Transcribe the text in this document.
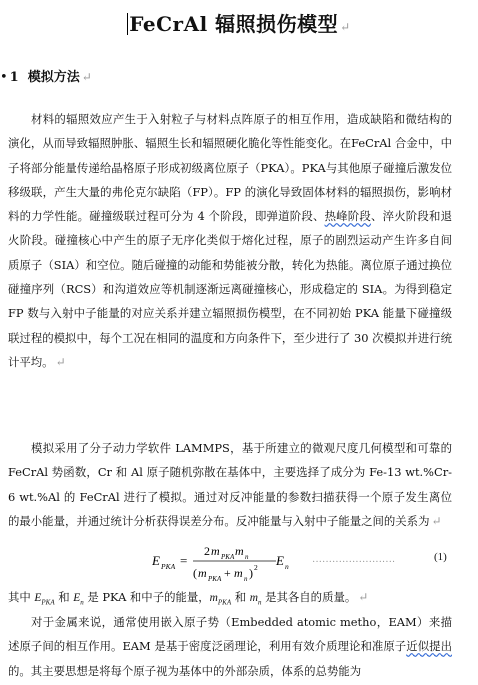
FeCrAl 辐照损伤模型 ↵
• 1 模拟方法 ↵
材料的辐照效应产生于入射粒子与材料点阵原子的相互作用，造成缺陷和微结构的演化，从而导致辐照肿胀、辐照生长和辐照硬化脆化等性能变化。在FeCrAl 合金中，中子将部分能量传递给晶格原子形成初级离位原子（PKA）。PKA与其他原子碰撞后激发位移级联，产生大量的弗伦克尔缺陷（FP）。FP 的演化导致固体材料的辐照损伤，影响材料的力学性能。碰撞级联过程可分为 4 个阶段，即弹道阶段、热峰阶段、淬火阶段和退火阶段。碰撞核心中产生的原子无序化类似于熔化过程，原子的剧烈运动产生许多自间质原子（SIA）和空位。随后碰撞的动能和势能被分散，转化为热能。离位原子通过换位碰撞序列（RCS）和沟道效应等机制逐渐远离碰撞核心，形成稳定的 SIA。为得到稳定 FP 数与入射中子能量的对应关系并建立辐照损伤模型，在不同初始 PKA 能量下碰撞级联过程的模拟中，每个工况在相同的温度和方向条件下，至少进行了 30 次模拟并进行统计平均。 ↵
模拟采用了分子动力学软件 LAMMPS，基于所建立的微观尺度几何模型和可靠的 FeCrAl 势函数，Cr 和 Al 原子随机弥散在基体中，主要选择了成分为 Fe-13 wt.%Cr-6 wt.%Al 的 FeCrAl 进行了模拟。通过对反冲能量的参数扫描获得一个原子发生离位的最小能量，并通过统计分析获得误差分布。反冲能量与入射中子能量之间的关系为 ↵
E PKA =
2 m PKA m n
( m PKA + m n ) 2 E n ·························	(1)
其中 $E_{PKA}$ 和 $E_n$ 是 PKA 和中子的能量，$m_{PKA}$ 和 $m_n$ 是其各自的质量。 ↵
对于金属来说，通常使用嵌入原子势（Embedded atomic metho，EAM）来描述原子间的相互作用。EAM 是基于密度泛函理论，利用有效介质理论和准原子近似提出的。其主要思想是将每个原子视为基体中的外部杂质，体系的总势能为
